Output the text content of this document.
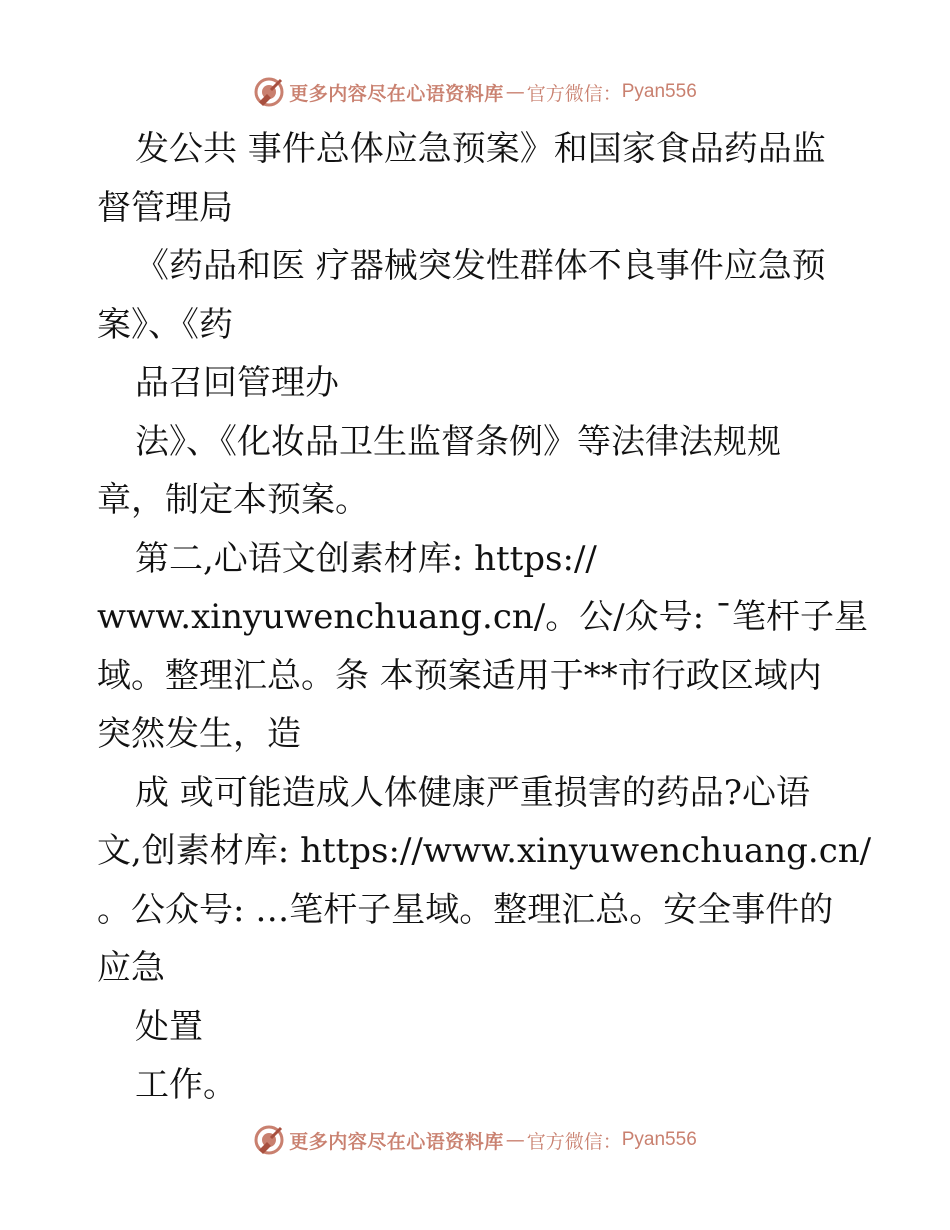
更多内容尽在心语资料库 — 官方微信： Pyan556
发公共 事件总体应急预案》和国家食品药品监
督管理局
《药品和医 疗器械突发性群体不良事件应急预
案》、《药
品召回管理办
法》、《化妆品卫生监督条例》等法律法规规
章，制定本预案。
第二,心语文创素材库: https://
www.xinyuwenchuang.cn/。公/众号: ˉ笔杆子星
域。整理汇总。条 本预案适用于**市行政区域内
突然发生，造
成 或可能造成人体健康严重损害的药品?心语
文,创素材库: https://www.xinyuwenchuang.cn/
。公众号: …笔杆子星域。整理汇总。安全事件的
应急
处置
工作。
更多内容尽在心语资料库 — 官方微信： Pyan556
